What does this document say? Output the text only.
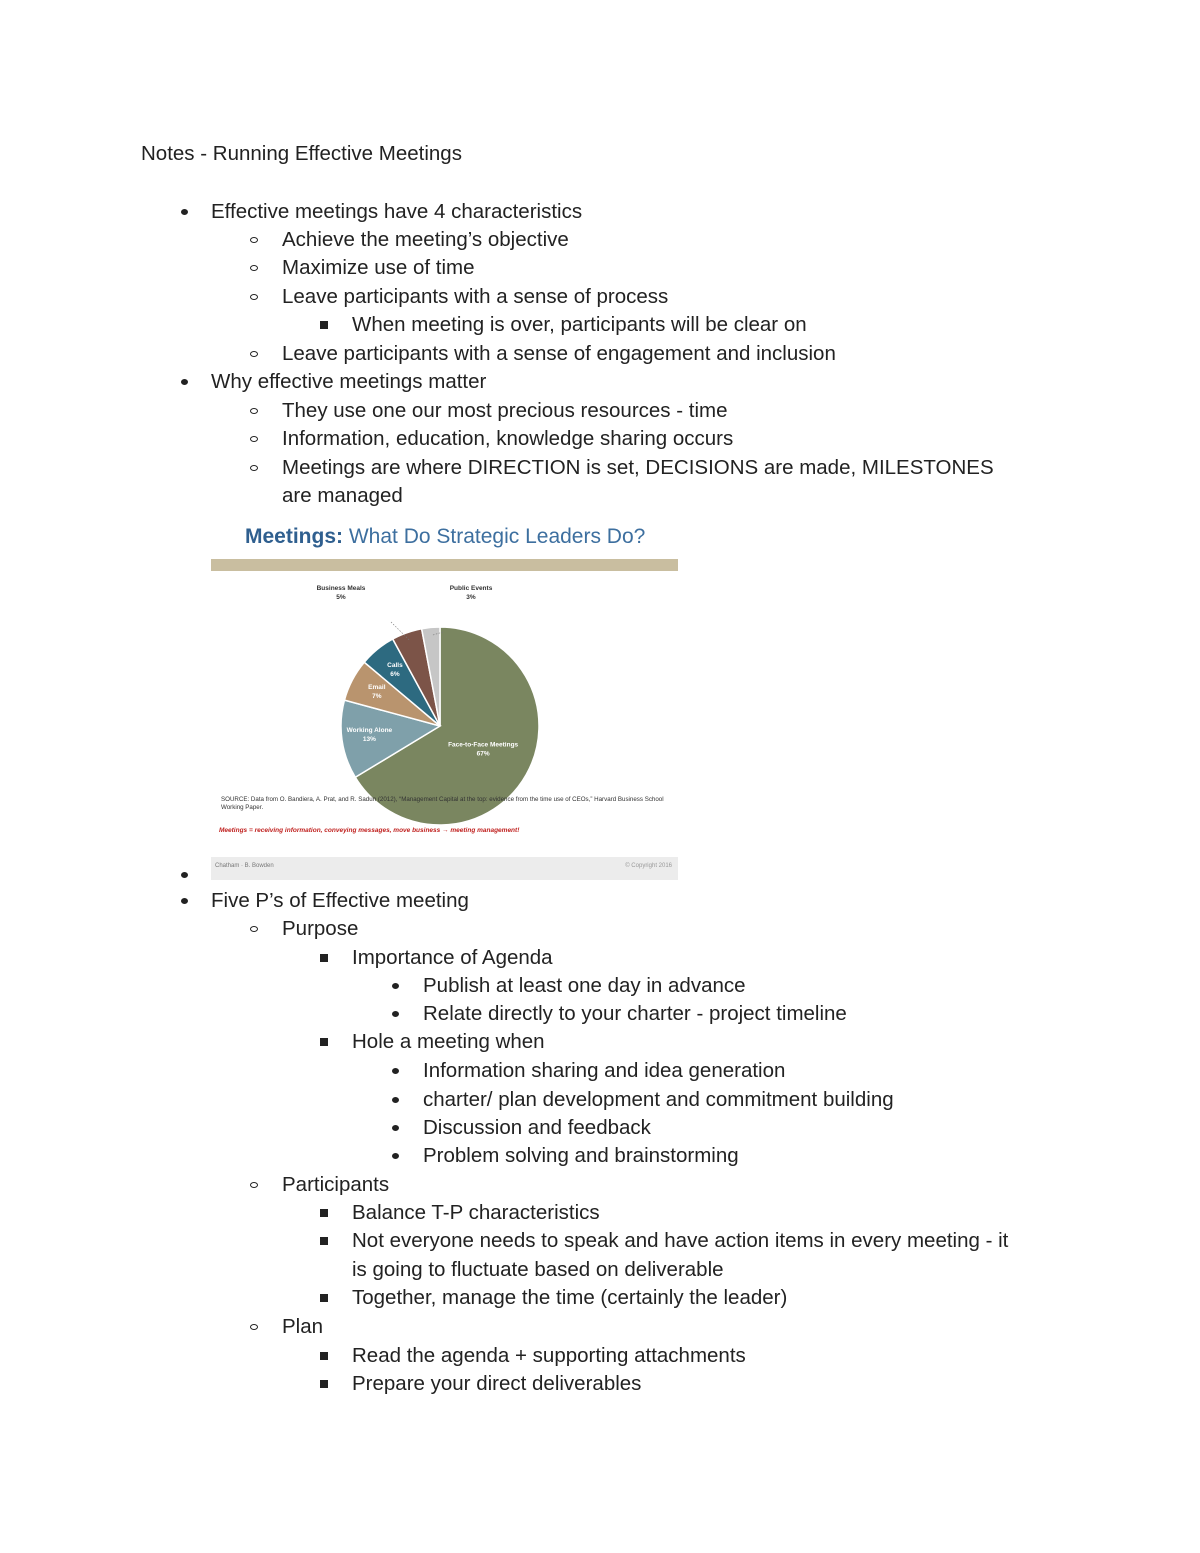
Notes - Running Effective Meetings
Effective meetings have 4 characteristics
Achieve the meeting’s objective
Maximize use of time
Leave participants with a sense of process
When meeting is over, participants will be clear on
Leave participants with a sense of engagement and inclusion
Why effective meetings matter
They use one our most precious resources - time
Information, education, knowledge sharing occurs
Meetings are where DIRECTION is set, DECISIONS are made, MILESTONES
are managed
Five P’s of Effective meeting
Purpose
Importance of Agenda
Publish at least one day in advance
Relate directly to your charter - project timeline
Hole a meeting when
Information sharing and idea generation
charter/ plan development and commitment building
Discussion and feedback
Problem solving and brainstorming
Participants
Balance T-P characteristics
Not everyone needs to speak and have action items in every meeting - it
is going to fluctuate based on deliverable
Together, manage the time (certainly the leader)
Plan
Read the agenda + supporting attachments
Prepare your direct deliverables
Meetings: What Do Strategic Leaders Do?
Face-to-Face Meetings
67%
Working Alone
13%
Email
7%
Calls
6%
Business Meals
5%
Public Events
3%
SOURCE: Data from O. Bandiera, A. Prat, and R. Sadun (2012), “Management Capital at the top: evidence from the time use of CEOs,” Harvard Business School Working Paper.
Meetings = receiving information, conveying messages, move business → meeting management!
Chatham · B. Bowden	© Copyright 2016
